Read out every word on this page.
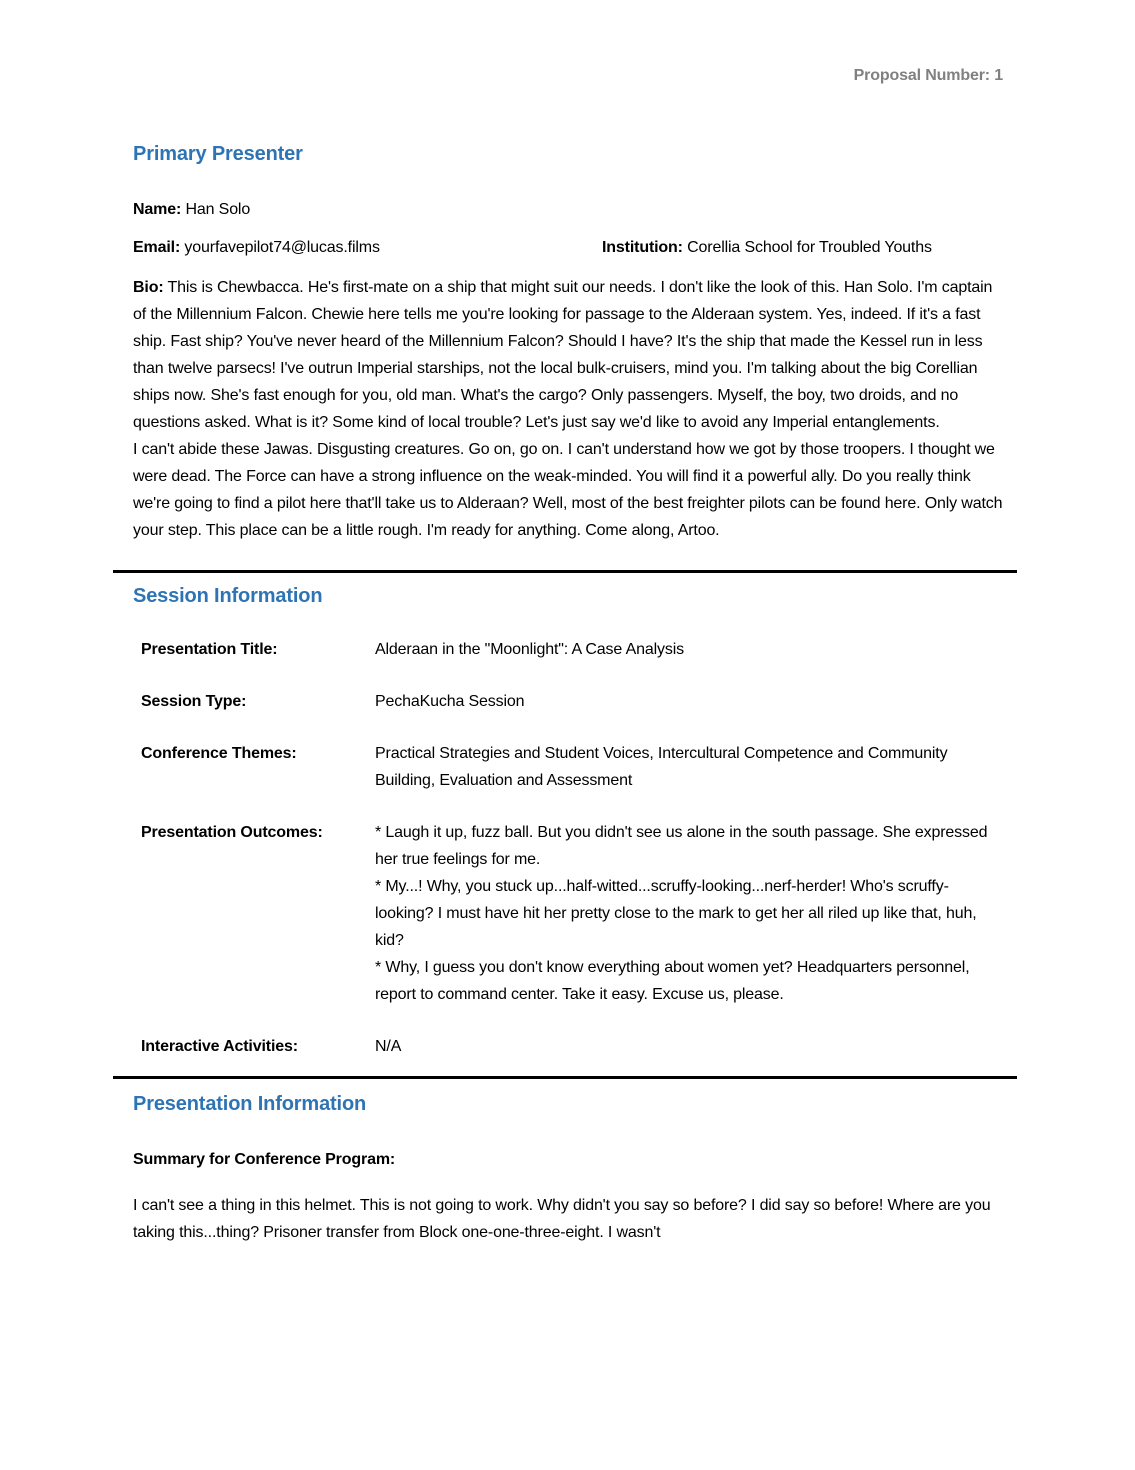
Proposal Number: 1
Primary Presenter

Name: Han Solo

Email: yourfavepilot74@lucas.films	Institution: Corellia School for Troubled Youths

Bio: This is Chewbacca. He's first-mate on a ship that might suit our needs. I don't like the look of this. Han Solo. I'm captain of the Millennium Falcon. Chewie here tells me you're looking for passage to the Alderaan system. Yes, indeed. If it's a fast ship. Fast ship? You've never heard of the Millennium Falcon? Should I have? It's the ship that made the Kessel run in less than twelve parsecs! I've outrun Imperial starships, not the local bulk-cruisers, mind you. I'm talking about the big Corellian ships now. She's fast enough for you, old man. What's the cargo? Only passengers. Myself, the boy, two droids, and no questions asked. What is it? Some kind of local trouble? Let's just say we'd like to avoid any Imperial entanglements.

I can't abide these Jawas. Disgusting creatures. Go on, go on. I can't understand how we got by those troopers. I thought we were dead. The Force can have a strong influence on the weak-minded. You will find it a powerful ally. Do you really think we're going to find a pilot here that'll take us to Alderaan? Well, most of the best freighter pilots can be found here. Only watch your step. This place can be a little rough. I'm ready for anything. Come along, Artoo.

Session Information
Presentation Title:	Alderaan in the "Moonlight": A Case Analysis
Session Type:	PechaKucha Session
Conference Themes:	Practical Strategies and Student Voices, Intercultural Competence and Community Building, Evaluation and Assessment
Presentation Outcomes:	* Laugh it up, fuzz ball. But you didn't see us alone in the south passage. She expressed her true feelings for me.
* My...! Why, you stuck up...half-witted...scruffy-looking...nerf-herder! Who's scruffy-looking? I must have hit her pretty close to the mark to get her all riled up like that, huh, kid?
* Why, I guess you don't know everything about women yet? Headquarters personnel, report to command center. Take it easy. Excuse us, please.
Interactive Activities:	N/A
Presentation Information

Summary for Conference Program:

I can't see a thing in this helmet. This is not going to work. Why didn't you say so before? I did say so before! Where are you taking this...thing? Prisoner transfer from Block one-one-three-eight. I wasn't
